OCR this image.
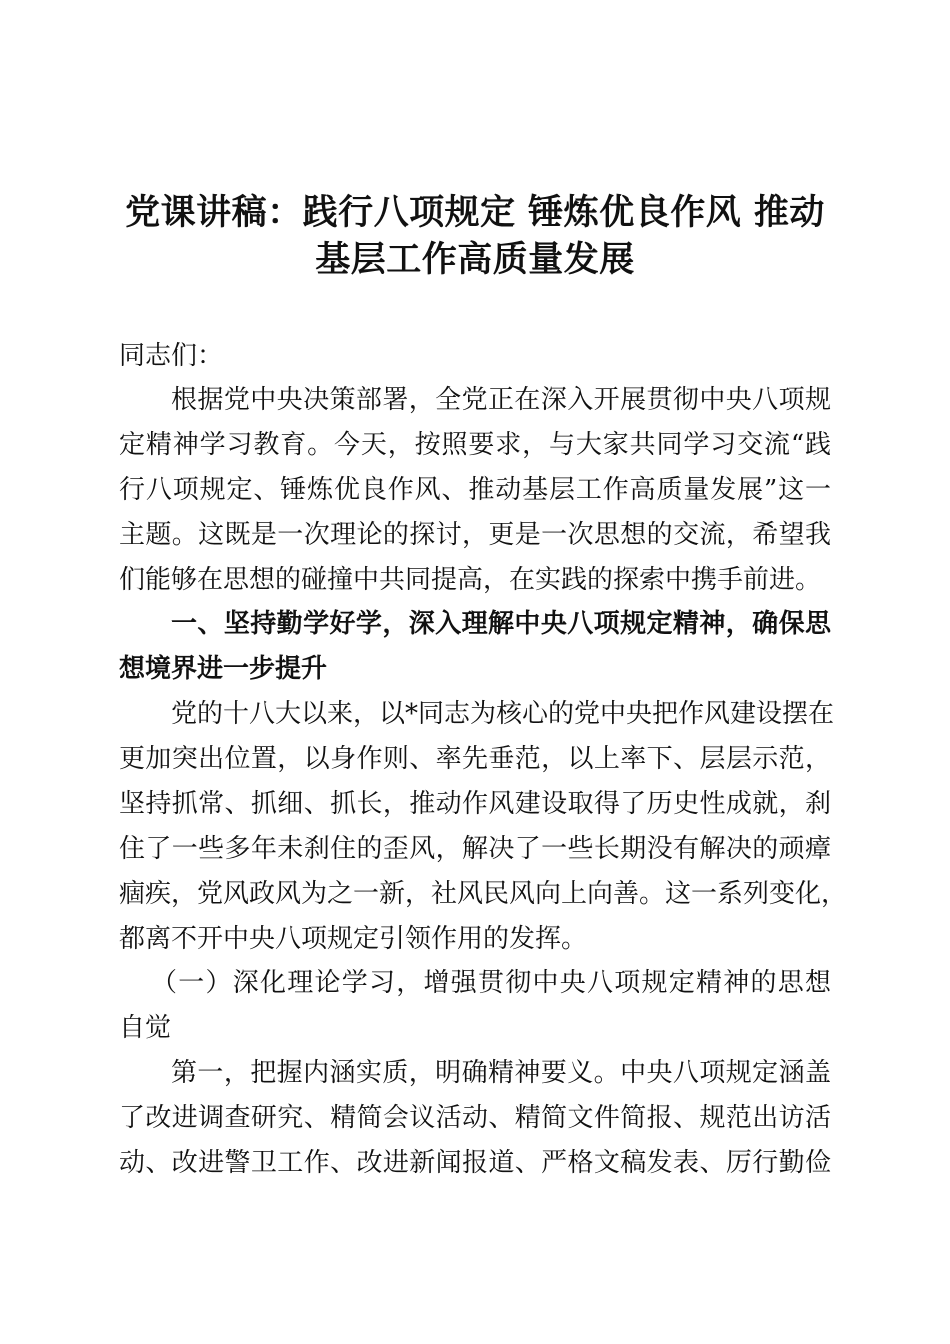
党课讲稿：践行八项规定 锤炼优良作风 推动
基层工作高质量发展
同志们：
根据党中央决策部署，全党正在深入开展贯彻中央八项规
定精神学习教育。今天，按照要求，与大家共同学习交流“践
行八项规定、锤炼优良作风、推动基层工作高质量发展”这一
主题。这既是一次理论的探讨，更是一次思想的交流，希望我
们能够在思想的碰撞中共同提高，在实践的探索中携手前进。
一、坚持勤学好学，深入理解中央八项规定精神，确保思
想境界进一步提升
党的十八大以来，以*同志为核心的党中央把作风建设摆在
更加突出位置，以身作则、率先垂范，以上率下、层层示范，
坚持抓常、抓细、抓长，推动作风建设取得了历史性成就，刹
住了一些多年未刹住的歪风，解决了一些长期没有解决的顽瘴
痼疾，党风政风为之一新，社风民风向上向善。这一系列变化，
都离不开中央八项规定引领作用的发挥。
（一）深化理论学习，增强贯彻中央八项规定精神的思想
自觉
第一，把握内涵实质，明确精神要义。中央八项规定涵盖
了改进调查研究、精简会议活动、精简文件简报、规范出访活
动、改进警卫工作、改进新闻报道、严格文稿发表、厉行勤俭
